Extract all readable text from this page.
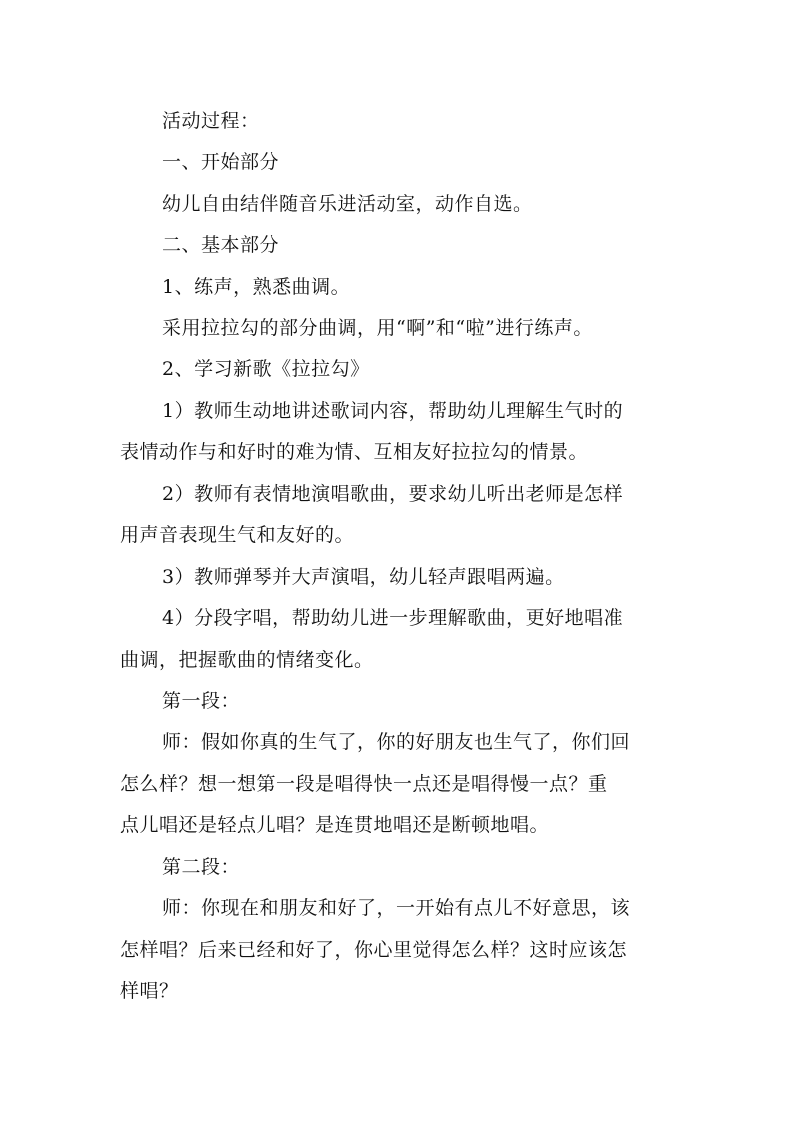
活动过程：
一、开始部分
幼儿自由结伴随音乐进活动室，动作自选。
二、基本部分
1、练声，熟悉曲调。
采用拉拉勾的部分曲调，用“啊”和“啦”进行练声。
2、学习新歌《拉拉勾》
1）教师生动地讲述歌词内容，帮助幼儿理解生气时的
表情动作与和好时的难为情、互相友好拉拉勾的情景。
2）教师有表情地演唱歌曲，要求幼儿听出老师是怎样
用声音表现生气和友好的。
3）教师弹琴并大声演唱，幼儿轻声跟唱两遍。
4）分段字唱，帮助幼儿进一步理解歌曲，更好地唱准
曲调，把握歌曲的情绪变化。
第一段：
师：假如你真的生气了，你的好朋友也生气了，你们回
怎么样？想一想第一段是唱得快一点还是唱得慢一点？重
点儿唱还是轻点儿唱？是连贯地唱还是断顿地唱。
第二段：
师：你现在和朋友和好了，一开始有点儿不好意思，该
怎样唱？后来已经和好了，你心里觉得怎么样？这时应该怎
样唱？
